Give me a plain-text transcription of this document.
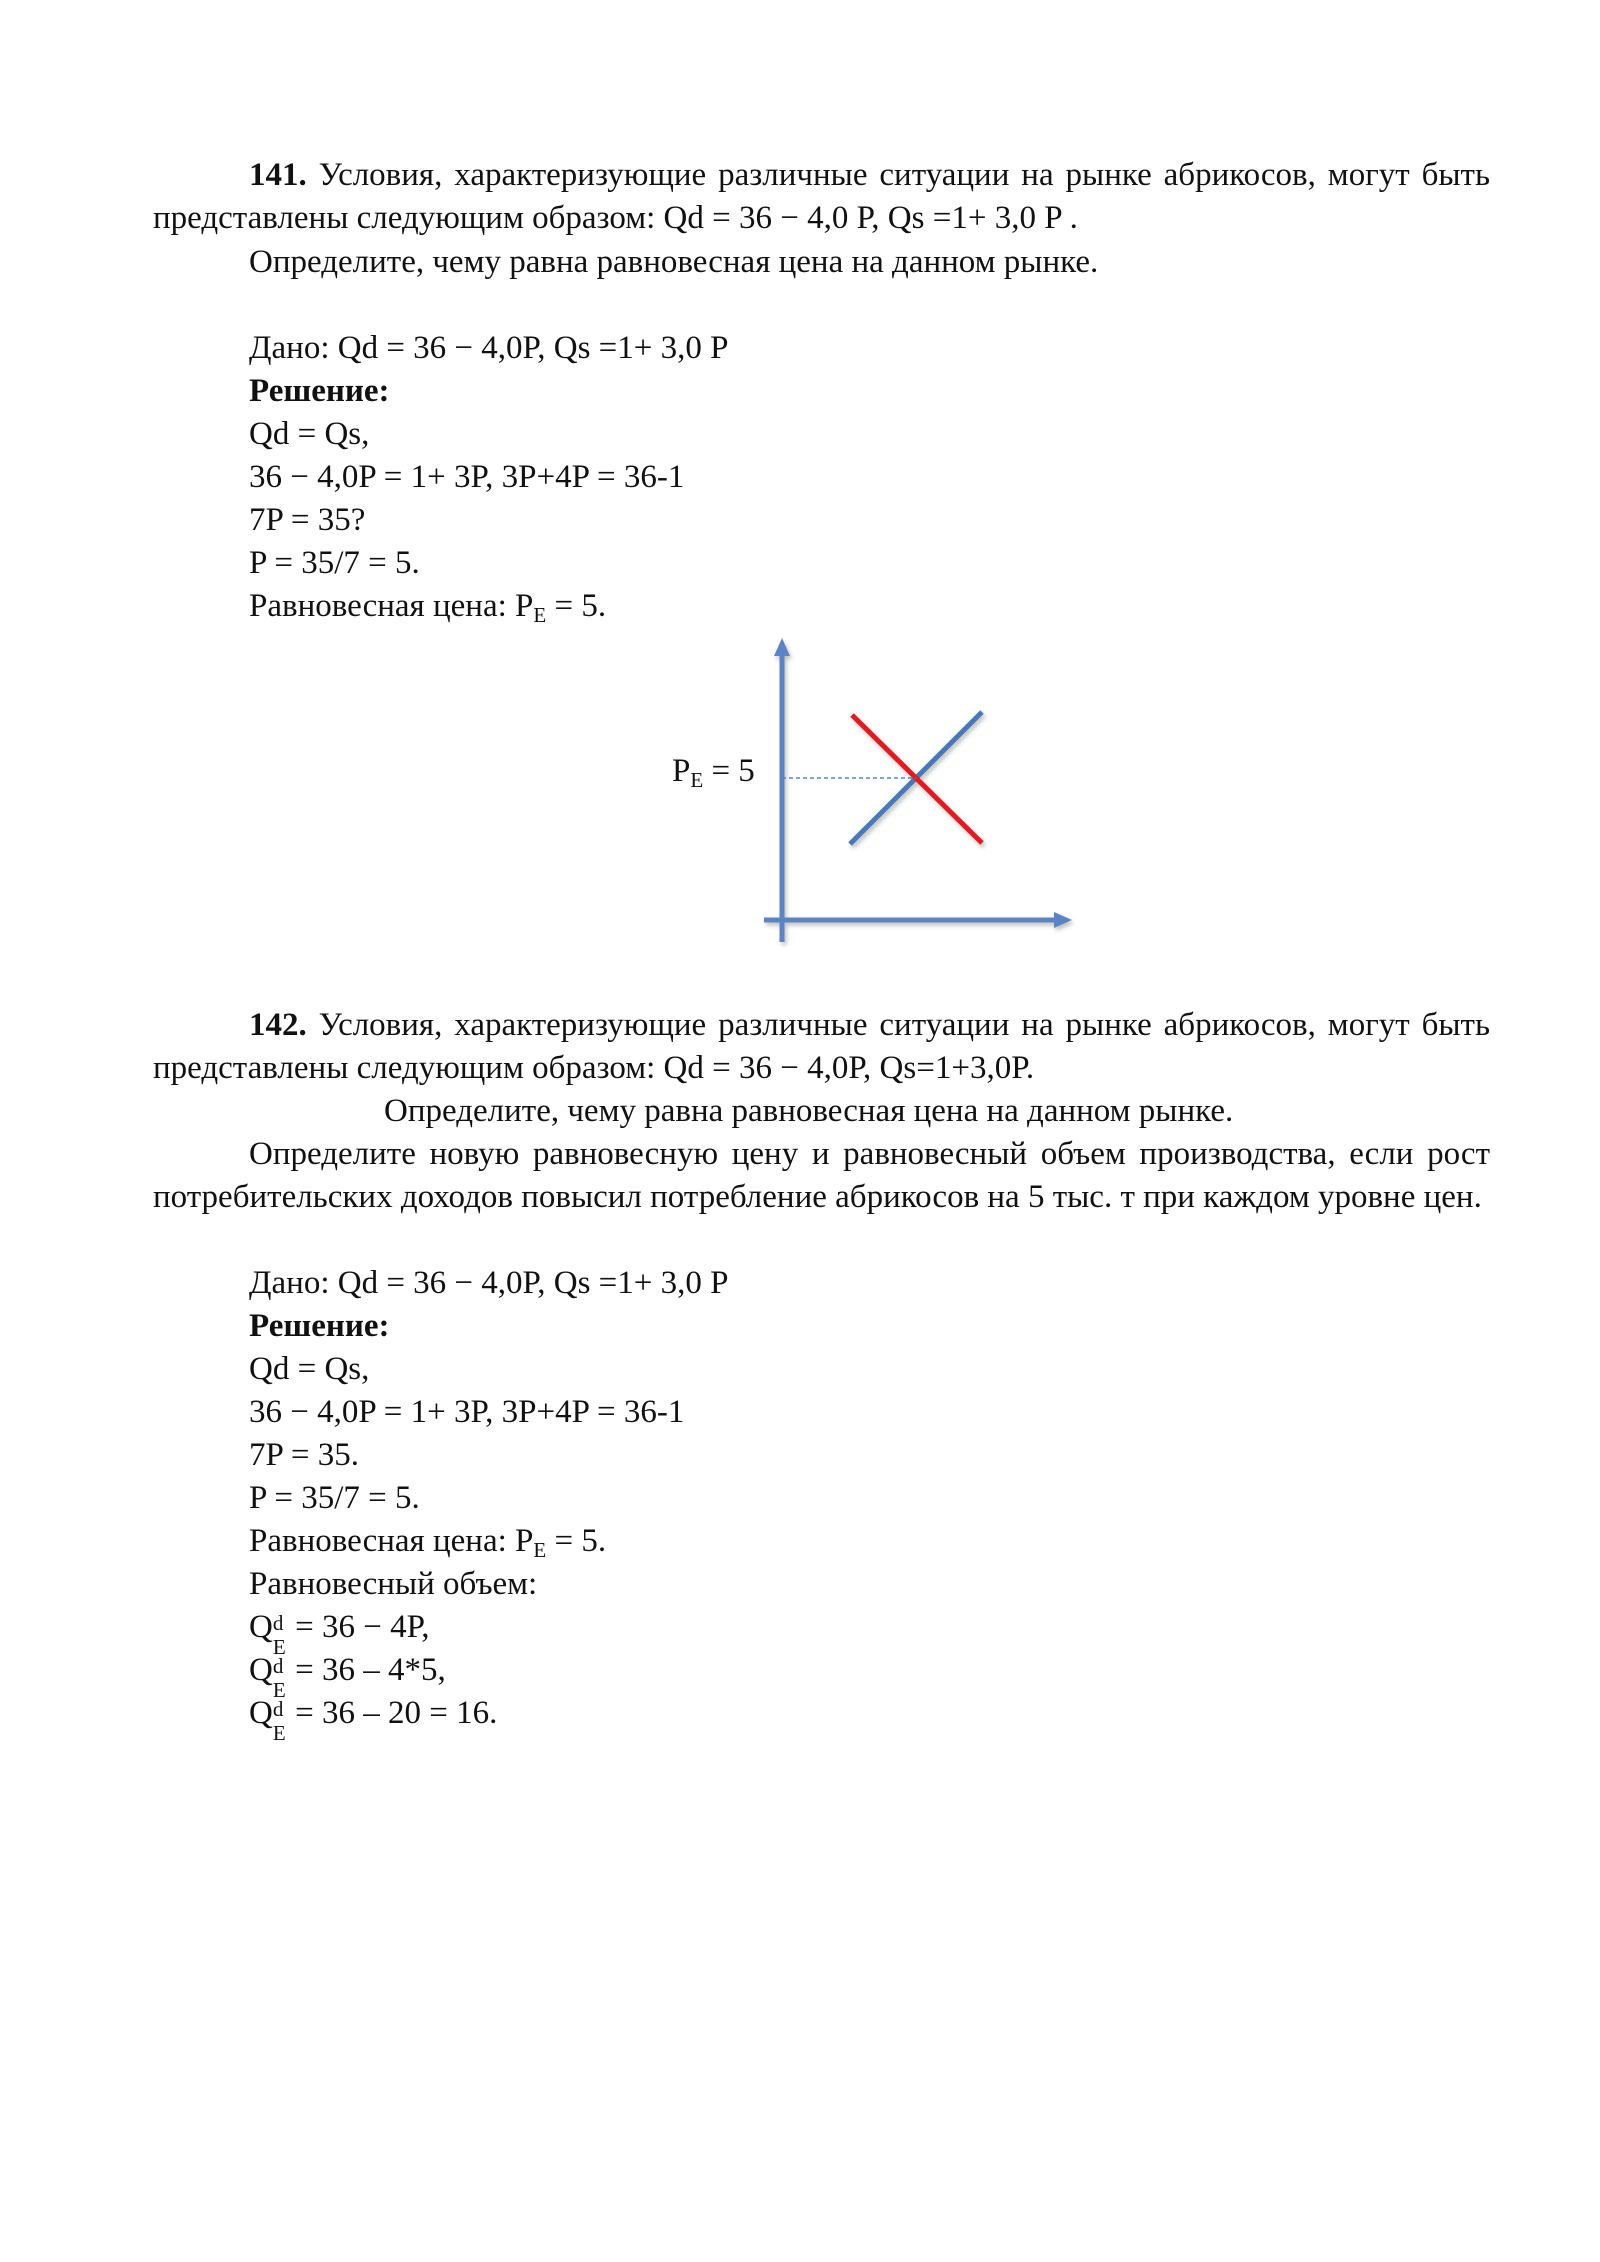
141. Условия, характеризующие различные ситуации на рынке абрикосов, могут быть представлены следующим образом: Qd = 36 − 4,0 P, Qs =1+ 3,0 P .

Определите, чему равна равновесная цена на данном рынке.
Дано: Qd = 36 − 4,0P, Qs =1+ 3,0 P
Решение:
Qd = Qs,
36 − 4,0P = 1+ 3P, 3P+4P = 36-1
7P = 35?
P = 35/7 = 5.
Равновесная цена: $P_E = 5$.
$P_E = 5$

142. Условия, характеризующие различные ситуации на рынке абрикосов, могут быть представлены следующим образом: Qd = 36 − 4,0P, Qs=1+3,0P.

Определите, чему равна равновесная цена на данном рынке.

Определите новую равновесную цену и равновесный объем производства, если рост потребительских доходов повысил потребление абрикосов на 5 тыс. т при каждом уровне цен.

Дано: Qd = 36 − 4,0P, Qs =1+ 3,0 P
Решение:
Qd = Qs,
36 − 4,0P = 1+ 3P, 3P+4P = 36-1
7P = 35.
P = 35/7 = 5.
Равновесная цена: $P_E = 5$.
Равновесный объем:
Q d
E
= 36 − 4P,
Q d
E
= 36 – 4*5,
Q d
E
= 36 – 20 = 16.
